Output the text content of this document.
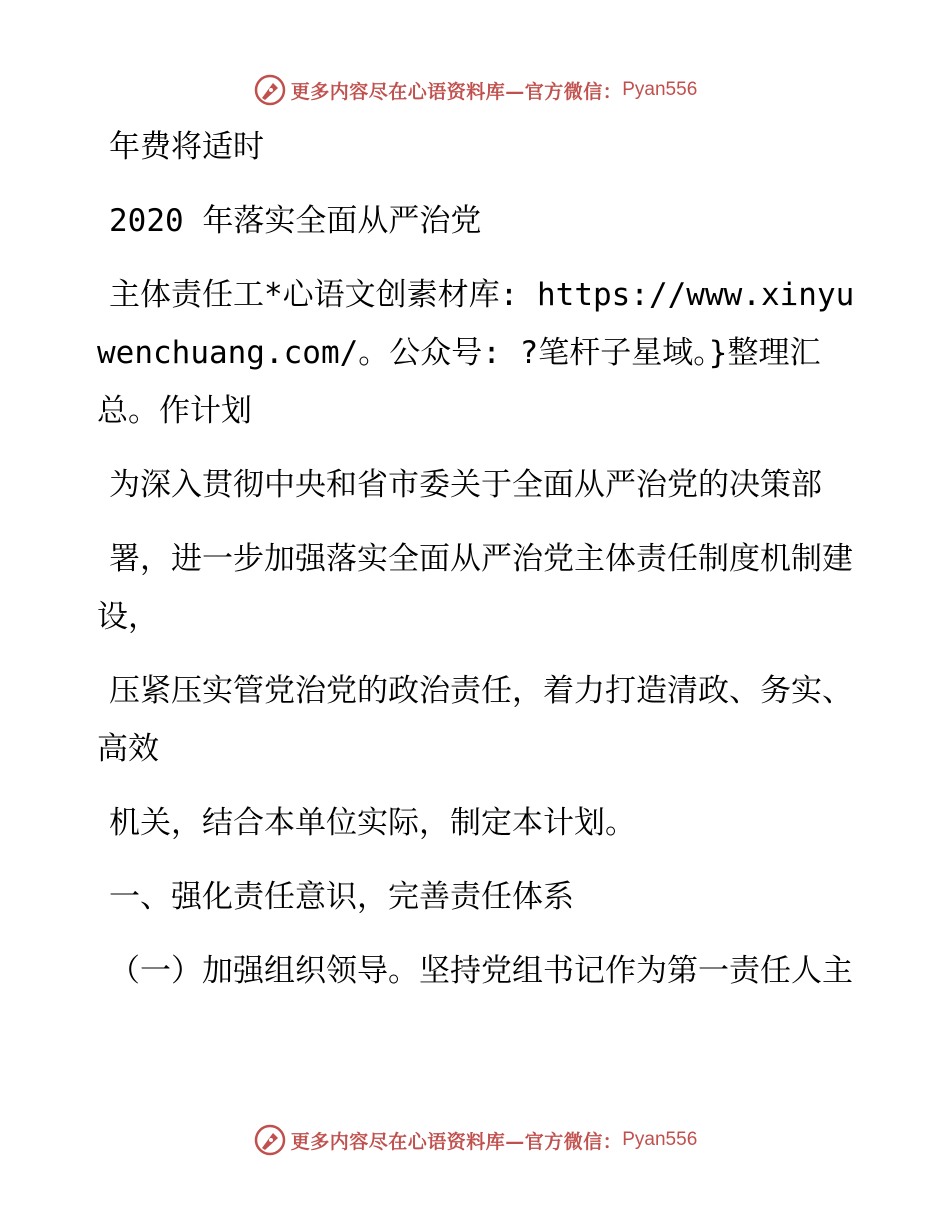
更多内容尽在心语资料库—官方微信： Pyan556

年费将适时

2020 年落实全面从严治党

主体责任工*心语文创素材库: https://www.xinyuwenchuang.com/。公众号: ?笔杆子星域。}整理汇总。作计划

为深入贯彻中央和省市委关于全面从严治党的决策部

署，进一步加强落实全面从严治党主体责任制度机制建设，

压紧压实管党治党的政治责任，着力打造清政、务实、高效

机关，结合本单位实际，制定本计划。

一、强化责任意识，完善责任体系

（一）加强组织领导。坚持党组书记作为第一责任人主

更多内容尽在心语资料库—官方微信： Pyan556
